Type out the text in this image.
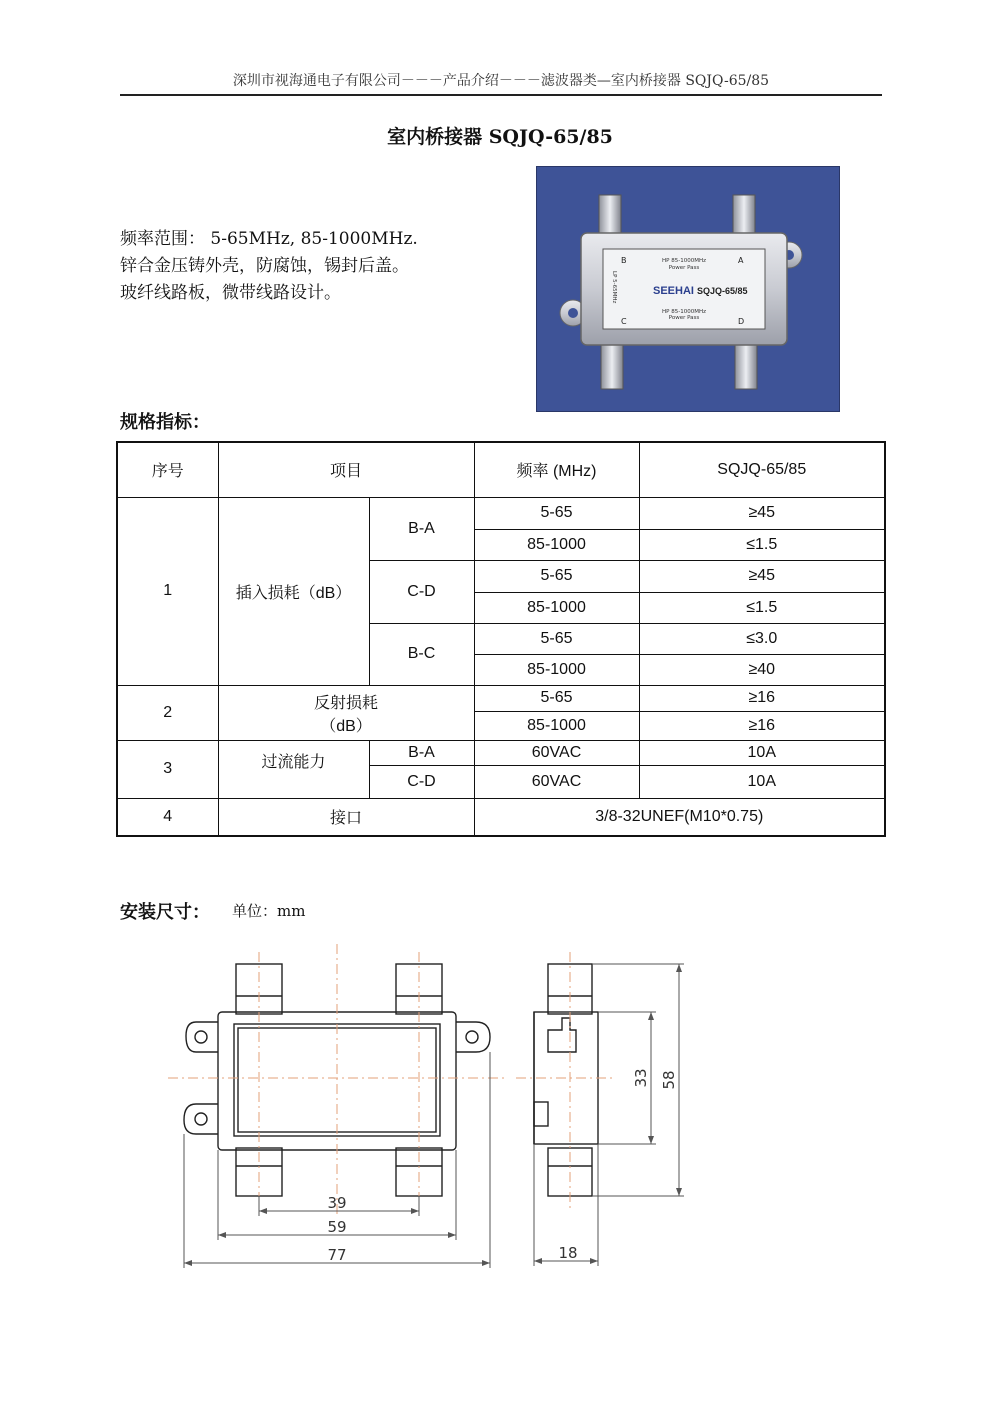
深圳市视海通电子有限公司－－－产品介绍－－－滤波器类—室内桥接器 SQJQ-65/85
室内桥接器 SQJQ-65/85
频率范围： 5-65MHz, 85-1000MHz.
锌合金压铸外壳，防腐蚀，锡封后盖。
玻纤线路板，微带线路设计。
B	A
C	D
HP 85-1000MHz
Power Pass
SEEHAI SQJQ-65/85
HP 85-1000MHz
Power Pass
LP 5-65MHz
规格指标：
序号	项目		频率 (MHz)	SQJQ-65/85
1	插入损耗（dB）	B-A	5-65	≥45
			85-1000	≤1.5
		C-D	5-65	≥45
			85-1000	≤1.5
		B-C	5-65	≤3.0
			85-1000	≥40
2	反射损耗
（dB）		5-65	≥16
			85-1000	≥16
3	过流能力	B-A	60VAC	10A
		C-D	60VAC	10A
4	接口		3/8-32UNEF(M10*0.75)	
安装尺寸： 单位：mm
39
59
77	18
33 58
